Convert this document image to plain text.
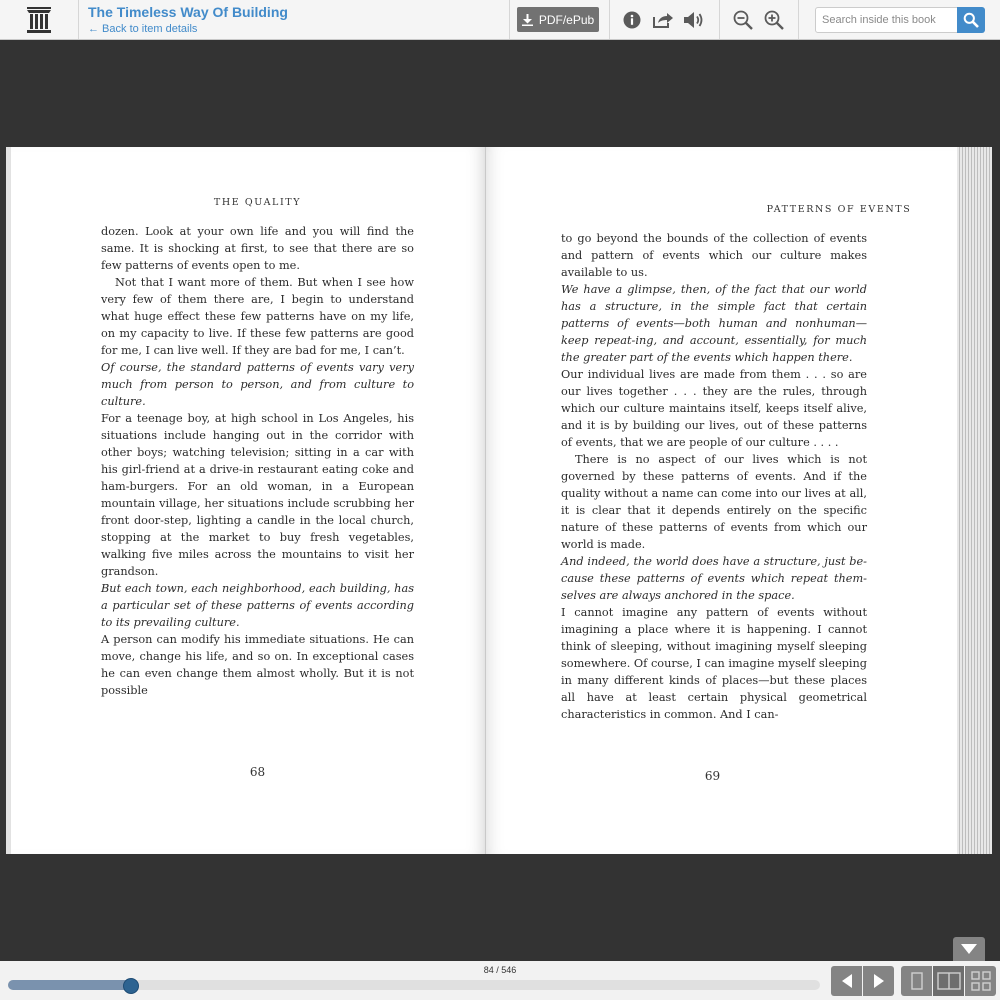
The Timeless Way Of Building
← Back to item details
PDF/ePub
Search inside this book
THE QUALITY

dozen. Look at your own life and you will find the same. It is shocking at first, to see that there are so few patterns of events open to me.

Not that I want more of them. But when I see how very few of them there are, I begin to understand what huge effect these few patterns have on my life, on my capacity to live. If these few patterns are good for me, I can live well. If they are bad for me, I can’t.

Of course, the standard patterns of events vary very much from person to person, and from culture to culture.

For a teenage boy, at high school in Los Angeles, his situations include hanging out in the corridor with other boys; watching television; sitting in a car with his girl-friend at a drive-in restaurant eating coke and ham-burgers. For an old woman, in a European mountain village, her situations include scrubbing her front door-step, lighting a candle in the local church, stopping at the market to buy fresh vegetables, walking five miles across the mountains to visit her grandson.

But each town, each neighborhood, each building, has a particular set of these patterns of events according to its prevailing culture.

A person can modify his immediate situations. He can move, change his life, and so on. In exceptional cases he can even change them almost wholly. But it is not possible

68
PATTERNS OF EVENTS

to go beyond the bounds of the collection of events and pattern of events which our culture makes available to us.

We have a glimpse, then, of the fact that our world has a structure, in the simple fact that certain patterns of events—both human and nonhuman—keep repeat-ing, and account, essentially, for much the greater part of the events which happen there.

Our individual lives are made from them . . . so are our lives together . . . they are the rules, through which our culture maintains itself, keeps itself alive, and it is by building our lives, out of these patterns of events, that we are people of our culture . . . .

There is no aspect of our lives which is not governed by these patterns of events. And if the quality without a name can come into our lives at all, it is clear that it depends entirely on the specific nature of these patterns of events from which our world is made.

And indeed, the world does have a structure, just be-cause these patterns of events which repeat them-selves are always anchored in the space.

I cannot imagine any pattern of events without imagining a place where it is happening. I cannot think of sleeping, without imagining myself sleeping somewhere. Of course, I can imagine myself sleeping in many different kinds of places—but these places all have at least certain physical geometrical characteristics in common. And I can-

69
84 / 546
